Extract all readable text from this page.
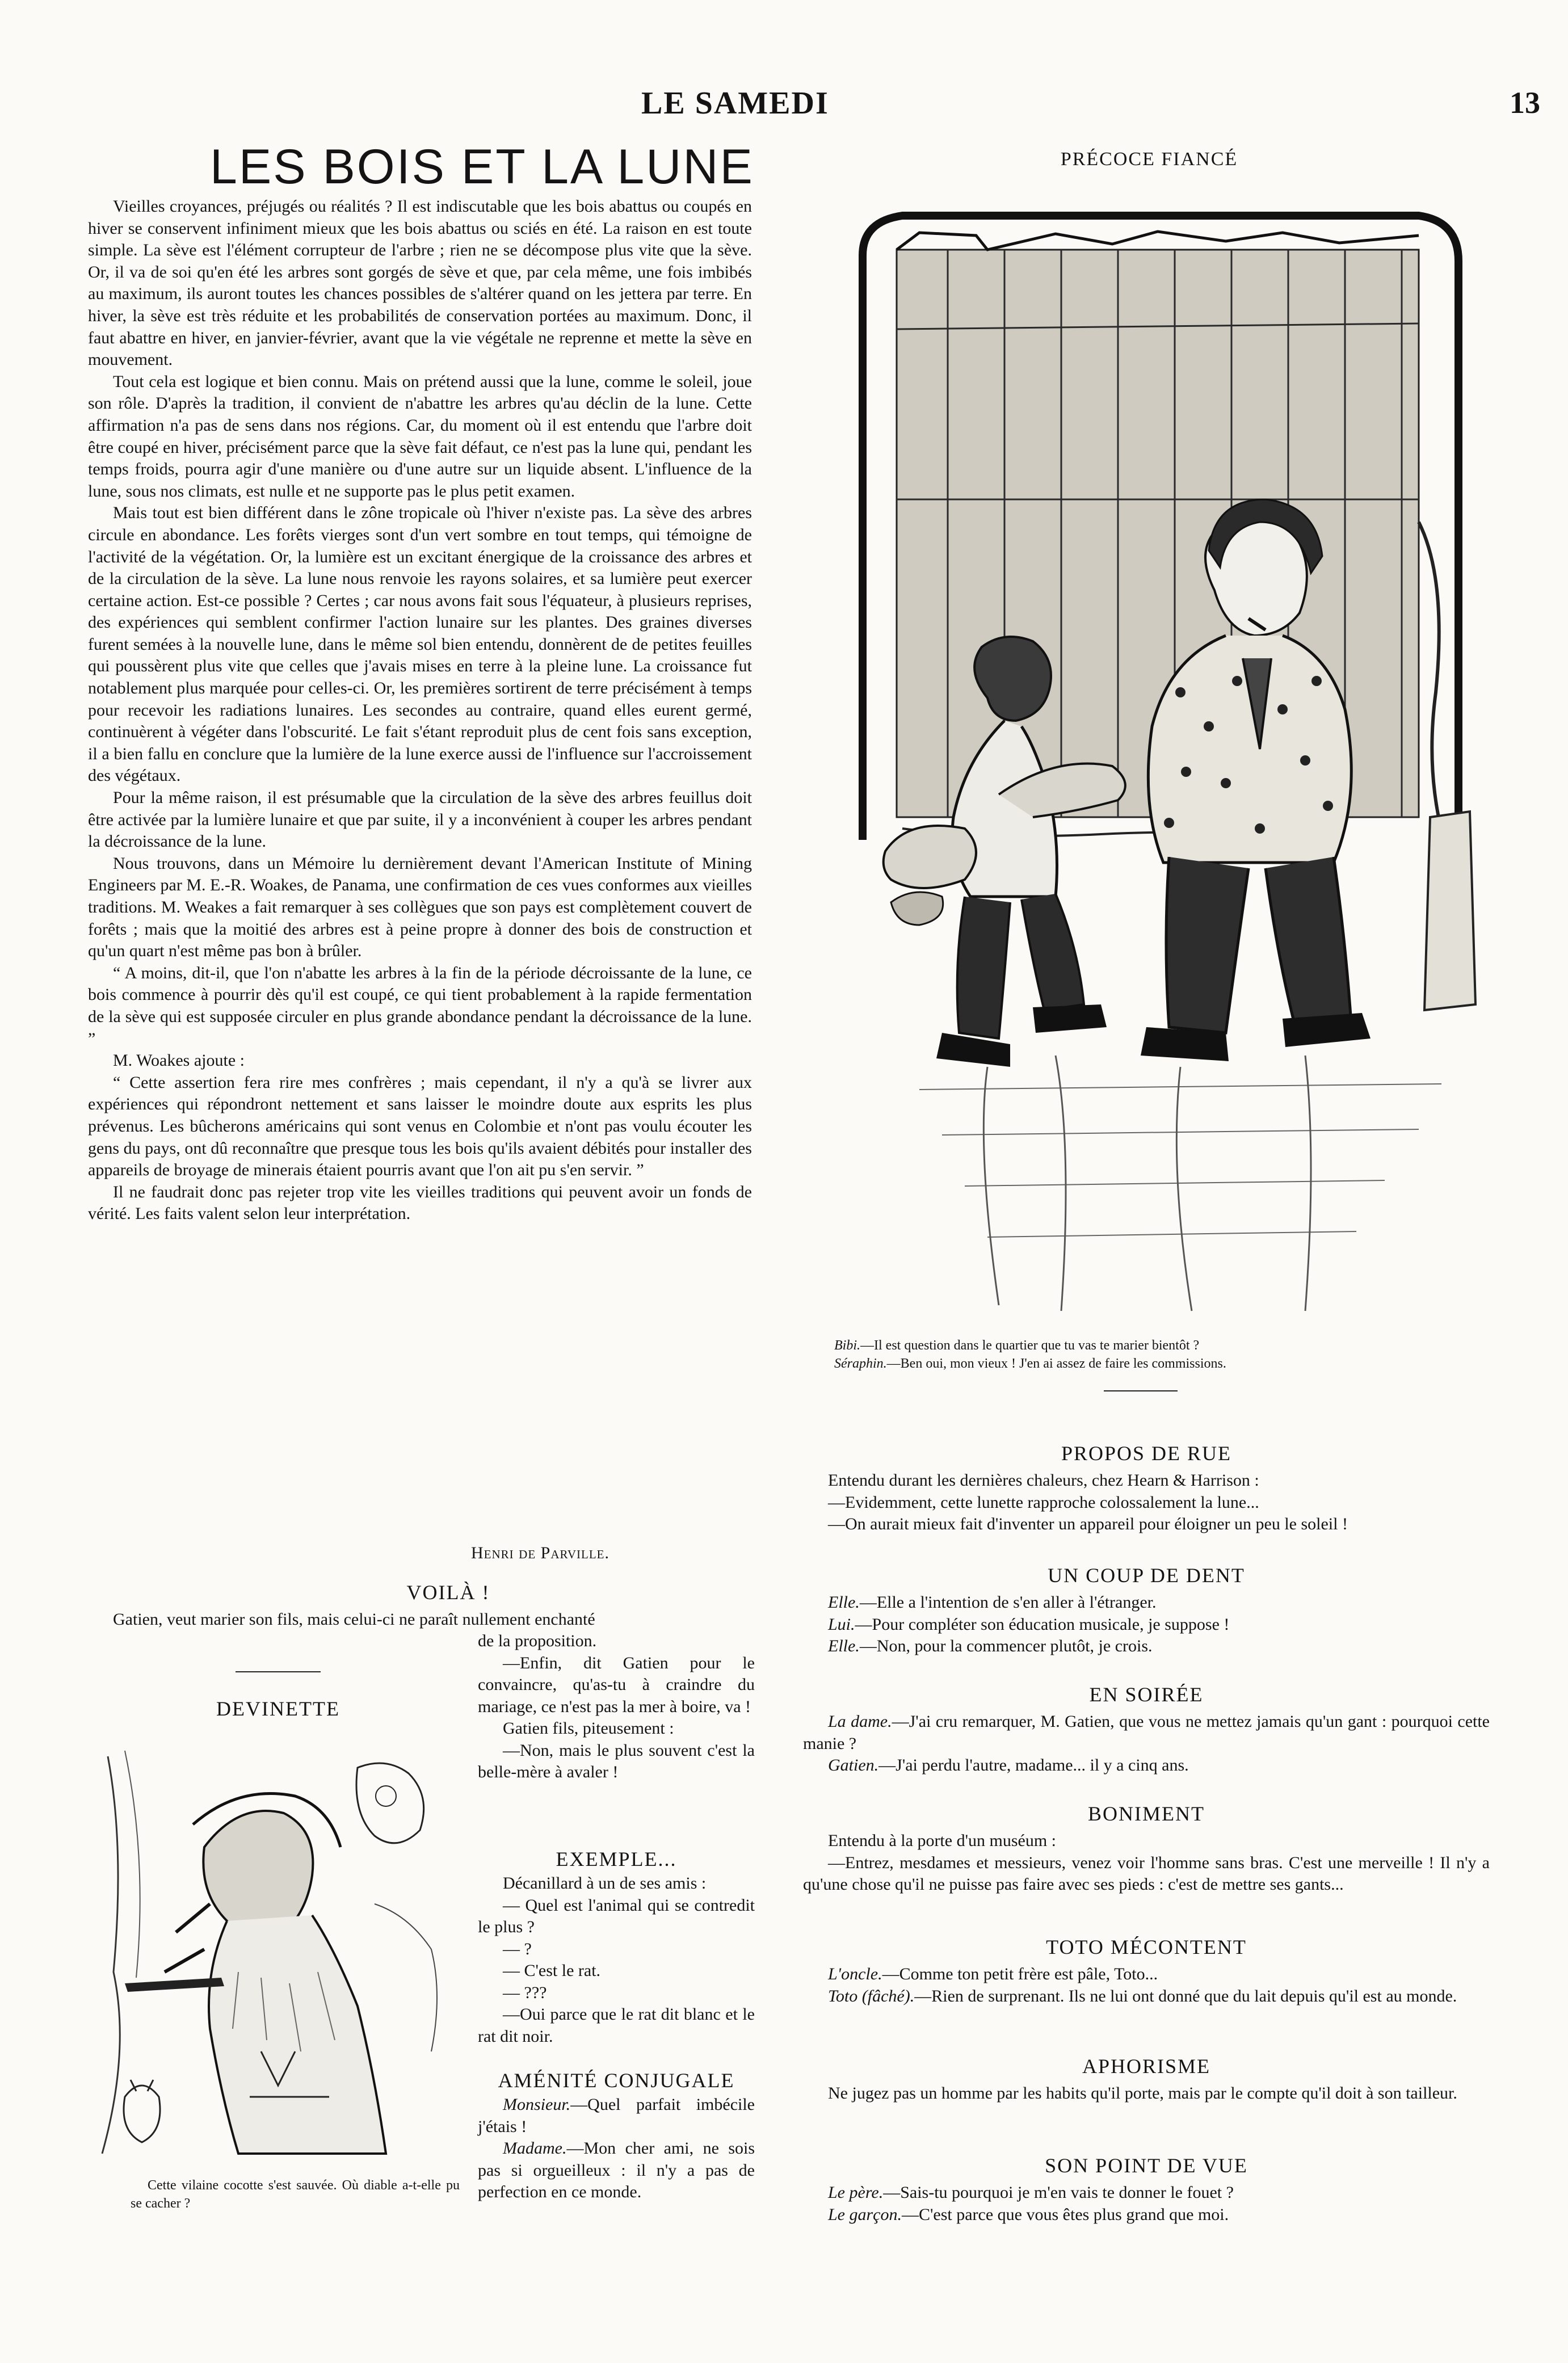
LE SAMEDI	13
LES BOIS ET LA LUNE

Vieilles croyances, préjugés ou réalités ? Il est indiscutable que les bois abattus ou coupés en hiver se conservent infiniment mieux que les bois abattus ou sciés en été. La raison en est toute simple. La sève est l'élément corrupteur de l'arbre ; rien ne se décompose plus vite que la sève. Or, il va de soi qu'en été les arbres sont gorgés de sève et que, par cela même, une fois imbibés au maximum, ils auront toutes les chances possibles de s'altérer quand on les jettera par terre. En hiver, la sève est très réduite et les probabilités de conservation portées au maximum. Donc, il faut abattre en hiver, en janvier-février, avant que la vie végétale ne reprenne et mette la sève en mouvement.

Tout cela est logique et bien connu. Mais on prétend aussi que la lune, comme le soleil, joue son rôle. D'après la tradition, il convient de n'abattre les arbres qu'au déclin de la lune. Cette affirmation n'a pas de sens dans nos régions. Car, du moment où il est entendu que l'arbre doit être coupé en hiver, précisément parce que la sève fait défaut, ce n'est pas la lune qui, pendant les temps froids, pourra agir d'une manière ou d'une autre sur un liquide absent. L'influence de la lune, sous nos climats, est nulle et ne supporte pas le plus petit examen.

Mais tout est bien différent dans le zône tropicale où l'hiver n'existe pas. La sève des arbres circule en abondance. Les forêts vierges sont d'un vert sombre en tout temps, qui témoigne de l'activité de la végétation. Or, la lumière est un excitant énergique de la croissance des arbres et de la circulation de la sève. La lune nous renvoie les rayons solaires, et sa lumière peut exercer certaine action. Est-ce possible ? Certes ; car nous avons fait sous l'équateur, à plusieurs reprises, des expériences qui semblent confirmer l'action lunaire sur les plantes. Des graines diverses furent semées à la nouvelle lune, dans le même sol bien entendu, donnèrent de de petites feuilles qui poussèrent plus vite que celles que j'avais mises en terre à la pleine lune. La croissance fut notablement plus marquée pour celles-ci. Or, les premières sortirent de terre précisément à temps pour recevoir les radiations lunaires. Les secondes au contraire, quand elles eurent germé, continuèrent à végéter dans l'obscurité. Le fait s'étant reproduit plus de cent fois sans exception, il a bien fallu en conclure que la lumière de la lune exerce aussi de l'influence sur l'accroissement des végétaux.

Pour la même raison, il est présumable que la circulation de la sève des arbres feuillus doit être activée par la lumière lunaire et que par suite, il y a inconvénient à couper les arbres pendant la décroissance de la lune.

Nous trouvons, dans un Mémoire lu dernièrement devant l'American Institute of Mining Engineers par M. E.-R. Woakes, de Panama, une confirmation de ces vues conformes aux vieilles traditions. M. Weakes a fait remarquer à ses collègues que son pays est complètement couvert de forêts ; mais que la moitié des arbres est à peine propre à donner des bois de construction et qu'un quart n'est même pas bon à brûler.

“ A moins, dit-il, que l'on n'abatte les arbres à la fin de la période décroissante de la lune, ce bois commence à pourrir dès qu'il est coupé, ce qui tient probablement à la rapide fermentation de la sève qui est supposée circuler en plus grande abondance pendant la décroissance de la lune. ”

M. Woakes ajoute :

“ Cette assertion fera rire mes confrères ; mais cependant, il n'y a qu'à se livrer aux expériences qui répondront nettement et sans laisser le moindre doute aux esprits les plus prévenus. Les bûcherons américains qui sont venus en Colombie et n'ont pas voulu écouter les gens du pays, ont dû reconnaître que presque tous les bois qu'ils avaient débités pour installer des appareils de broyage de minerais étaient pourris avant que l'on ait pu s'en servir. ”

Il ne faudrait donc pas rejeter trop vite les vieilles traditions qui peuvent avoir un fonds de vérité. Les faits valent selon leur interprétation.

Henri de Parville.
VOILÀ !
Gatien, veut marier son fils, mais celui-ci ne paraît nullement enchanté

de la proposition.

—Enfin, dit Gatien pour le convaincre, qu'as-tu à craindre du mariage, ce n'est pas la mer à boire, va !

Gatien fils, piteusement :

—Non, mais le plus souvent c'est la belle-mère à avaler !

DEVINETTE
Cette vilaine cocotte s'est sauvée. Où diable a-t-elle pu se cacher ?
EXEMPLE...

Décanillard à un de ses amis :

— Quel est l'animal qui se contredit le plus ?

— ?

— C'est le rat.

— ???

—Oui parce que le rat dit blanc et le rat dit noir.

AMÉNITÉ CONJUGALE

Monsieur.—Quel parfait imbécile j'étais !

Madame.—Mon cher ami, ne sois pas si orgueilleux : il n'y a pas de perfection en ce monde.

PRÉCOCE FIANCÉ
Bibi.—Il est question dans le quartier que tu vas te marier bientôt ?
Séraphin.—Ben oui, mon vieux ! J'en ai assez de faire les commissions.
PROPOS DE RUE

Entendu durant les dernières chaleurs, chez Hearn & Harrison :

—Evidemment, cette lunette rapproche colossalement la lune...

—On aurait mieux fait d'inventer un appareil pour éloigner un peu le soleil !

UN COUP DE DENT

Elle.—Elle a l'intention de s'en aller à l'étranger.

Lui.—Pour compléter son éducation musicale, je suppose !

Elle.—Non, pour la commencer plutôt, je crois.

EN SOIRÉE

La dame.—J'ai cru remarquer, M. Gatien, que vous ne mettez jamais qu'un gant : pourquoi cette manie ?

Gatien.—J'ai perdu l'autre, madame... il y a cinq ans.

BONIMENT

Entendu à la porte d'un muséum :

—Entrez, mesdames et messieurs, venez voir l'homme sans bras. C'est une merveille ! Il n'y a qu'une chose qu'il ne puisse pas faire avec ses pieds : c'est de mettre ses gants...

TOTO MÉCONTENT

L'oncle.—Comme ton petit frère est pâle, Toto...

Toto (fâché).—Rien de surprenant. Ils ne lui ont donné que du lait depuis qu'il est au monde.

APHORISME
Ne jugez pas un homme par les habits qu'il porte, mais par le compte qu'il doit à son tailleur.
SON POINT DE VUE

Le père.—Sais-tu pourquoi je m'en vais te donner le fouet ?

Le garçon.—C'est parce que vous êtes plus grand que moi.
